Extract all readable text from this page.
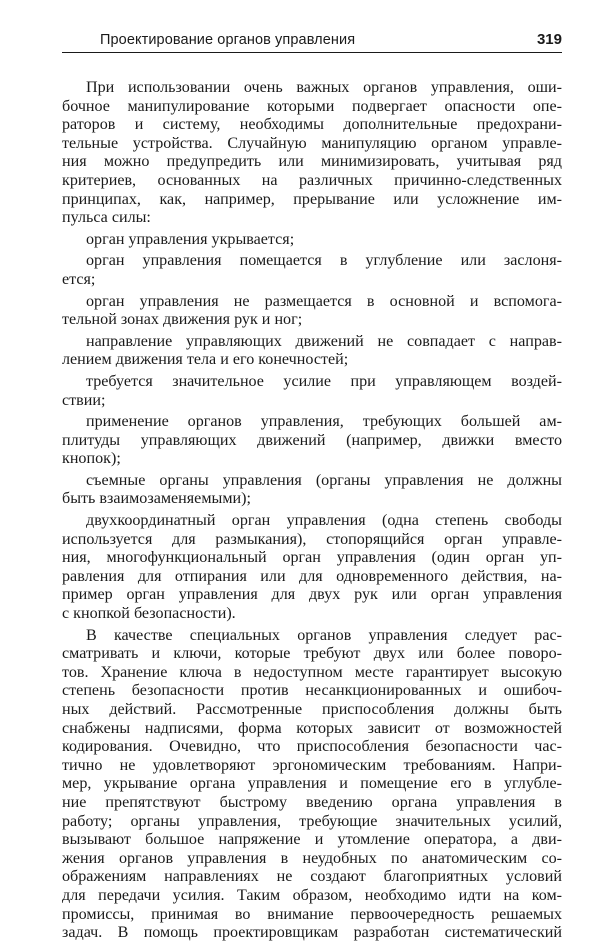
Проектирование органов управления	319
При использовании очень важных органов управления, оши-
бочное манипулирование которыми подвергает опасности опе-
раторов и систему, необходимы дополнительные предохрани-
тельные устройства. Случайную манипуляцию органом управле-
ния можно предупредить или минимизировать, учитывая ряд
критериев, основанных на различных причинно-следственных
принципах, как, например, прерывание или усложнение им-
пульса силы:
орган управления укрывается;
орган управления помещается в углубление или заслоня-
ется;
орган управления не размещается в основной и вспомога-
тельной зонах движения рук и ног;
направление управляющих движений не совпадает с направ-
лением движения тела и его конечностей;
требуется значительное усилие при управляющем воздей-
ствии;
применение органов управления, требующих большей ам-
плитуды управляющих движений (например, движки вместо
кнопок);
съемные органы управления (органы управления не должны
быть взаимозаменяемыми);
двухкоординатный орган управления (одна степень свободы
используется для размыкания), стопорящийся орган управле-
ния, многофункциональный орган управления (один орган уп-
равления для отпирания или для одновременного действия, на-
пример орган управления для двух рук или орган управления
с кнопкой безопасности).
В качестве специальных органов управления следует рас-
сматривать и ключи, которые требуют двух или более поворо-
тов. Хранение ключа в недоступном месте гарантирует высокую
степень безопасности против несанкционированных и ошибоч-
ных действий. Рассмотренные приспособления должны быть
снабжены надписями, форма которых зависит от возможностей
кодирования. Очевидно, что приспособления безопасности час-
тично не удовлетворяют эргономическим требованиям. Напри-
мер, укрывание органа управления и помещение его в углубле-
ние препятствуют быстрому введению органа управления в
работу; органы управления, требующие значительных усилий,
вызывают большое напряжение и утомление оператора, а дви-
жения органов управления в неудобных по анатомическим со-
ображениям направлениях не создают благоприятных условий
для передачи усилия. Таким образом, необходимо идти на ком-
промиссы, принимая во внимание первоочередность решаемых
задач. В помощь проектировщикам разработан систематический
